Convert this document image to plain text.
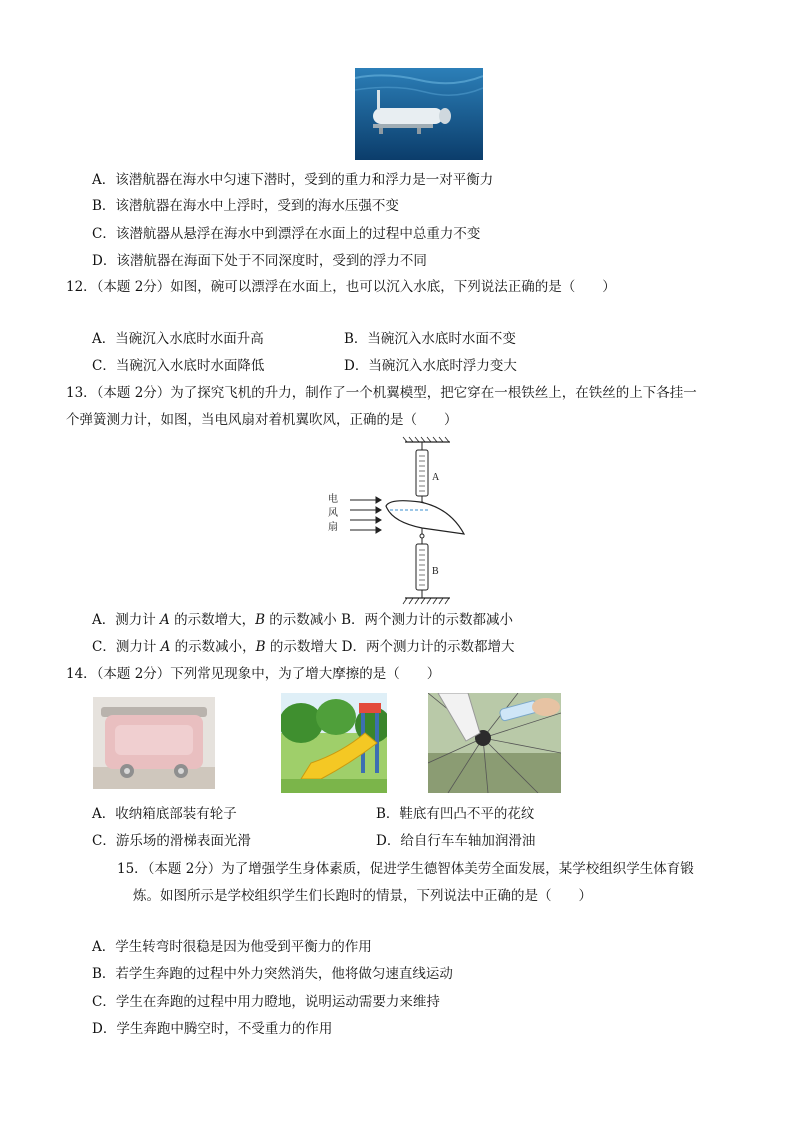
A．该潜航器在海水中匀速下潜时，受到的重力和浮力是一对平衡力
B．该潜航器在海水中上浮时，受到的海水压强不变
C．该潜航器从悬浮在海水中到漂浮在水面上的过程中总重力不变
D．该潜航器在海面下处于不同深度时，受到的浮力不同
12．（本题 2分）如图，碗可以漂浮在水面上，也可以沉入水底，下列说法正确的是（　　）
A．当碗沉入水底时水面升高	B．当碗沉入水底时水面不变
C．当碗沉入水底时水面降低	D．当碗沉入水底时浮力变大
13．（本题 2分）为了探究飞机的升力，制作了一个机翼模型，把它穿在一根铁丝上，在铁丝的上下各挂一
个弹簧测力计，如图，当电风扇对着机翼吹风，正确的是（　　）
A
电
风
扇
B
A．测力计 A 的示数增大，B 的示数减小 B．两个测力计的示数都减小
C．测力计 A 的示数减小，B 的示数增大 D．两个测力计的示数都增大
14．（本题 2分）下列常见现象中，为了增大摩擦的是（　　）
A．收纳箱底部装有轮子	B．鞋底有凹凸不平的花纹
C．游乐场的滑梯表面光滑	D．给自行车车轴加润滑油
15．（本题 2分）为了增强学生身体素质，促进学生德智体美劳全面发展，某学校组织学生体育锻
炼。如图所示是学校组织学生们长跑时的情景，下列说法中正确的是（　　）
A．学生转弯时很稳是因为他受到平衡力的作用
B．若学生奔跑的过程中外力突然消失，他将做匀速直线运动
C．学生在奔跑的过程中用力瞪地，说明运动需要力来维持
D．学生奔跑中腾空时，不受重力的作用
